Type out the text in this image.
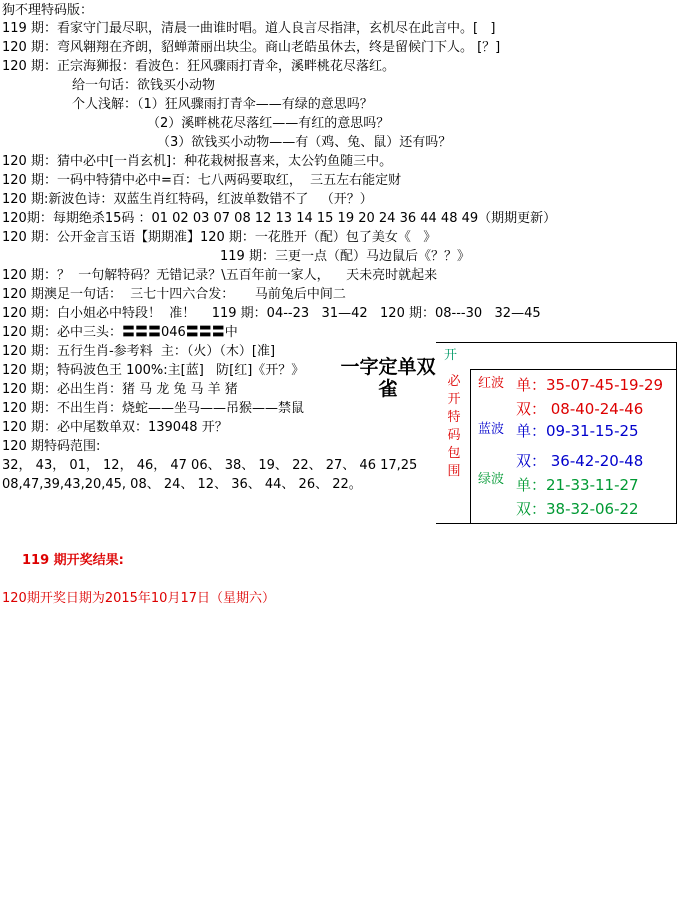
狗不理特码版：
119 期：看家守门最尽职，清晨一曲谁时唱。道人良言尽指津，玄机尽在此言中。[   ]
120 期：弯风翱翔在齐朗，貂蝉萧丽出块尘。商山老皓虽休去，终是留候门下人。 [？]
120 期：正宗海狮报：看波色：狂风骤雨打青伞，溪畔桃花尽落红。
给一句话：欲钱买小动物
个人浅解：（1）狂风骤雨打青伞——有绿的意思吗？
（2）溪畔桃花尽落红——有红的意思吗？
（3）欲钱买小动物——有（鸡、兔、鼠）还有吗？
120 期：猜中必中[一肖玄机]：种花栽树报喜来，太公钓鱼随三中。
120 期：一码中特猜中必中=百：七八两码要取红，  三五左右能定财
120 期:新波色诗：双蓝生肖红特码，红波单数错不了   （开？）
120期：每期绝杀15码 ：01 02 03 07 08 12 13 14 15 19 20 24 36 44 48 49（期期更新）
120 期：公开金言玉语【期期准】120 期：一花胜开（配）包了美女《   》
119 期：三更一点（配）马边鼠后《？？》
120 期：？  一句解特码？无错记录？\五百年前一家人，    天未亮时就起来
120 期澳足一句话：  三七十四六合发：     马前兔后中间二
120 期：白小姐必中特段！  准！    119 期：04--23   31—42   120 期：08---30   32—45
120 期：必中三头：〓〓〓046〓〓〓中
120 期：五行生肖-参考料  主：（火）（木）[准]
120 期；特码波色王 100%:主[蓝]   防[红]《开？》
120 期：必出生肖：猪 马 龙 兔 马 羊 猪
120 期：不出生肖：烧蛇——坐马——吊猴——禁鼠
120 期：必中尾数单双：139048 开？
120 期特码范围:
32， 43， 01， 12， 46， 47 06、 38、 19、 22、 27、 46 17,25
08,47,39,43,20,45, 08、 24、 12、 36、 44、 26、 22。
一字定单双
雀
开
必开特码包围
红波 单：35-07-45-19-29
双： 08-40-24-46
蓝波 单：09-31-15-25
双： 36-42-20-48
绿波 单：21-33-11-27
双：38-32-06-22
119 期开奖结果:
120期开奖日期为2015年10月17日（星期六）
